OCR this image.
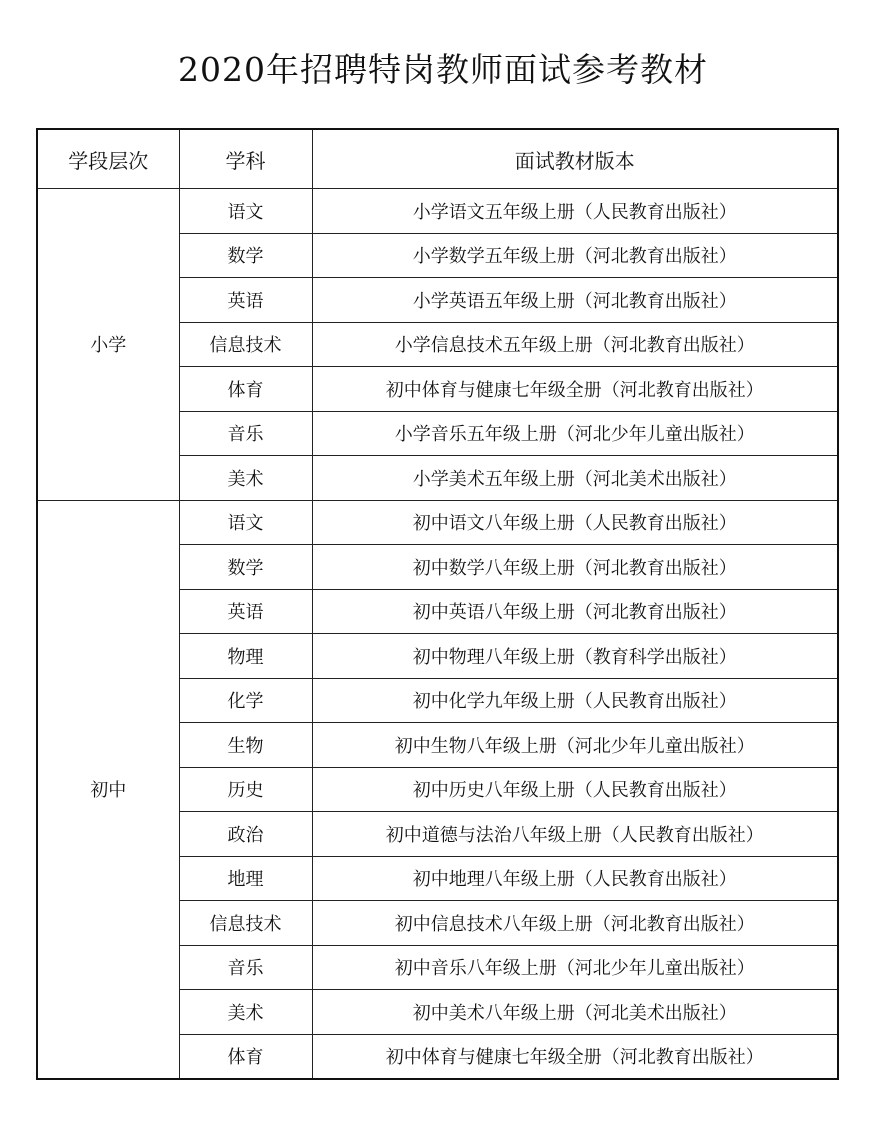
2020年招聘特岗教师面试参考教材
学段层次	学科	面试教材版本
小学	语文	小学语文五年级上册（人民教育出版社）
	数学	小学数学五年级上册（河北教育出版社）
	英语	小学英语五年级上册（河北教育出版社）
	信息技术	小学信息技术五年级上册（河北教育出版社）
	体育	初中体育与健康七年级全册（河北教育出版社）
	音乐	小学音乐五年级上册（河北少年儿童出版社）
	美术	小学美术五年级上册（河北美术出版社）
初中	语文	初中语文八年级上册（人民教育出版社）
	数学	初中数学八年级上册（河北教育出版社）
	英语	初中英语八年级上册（河北教育出版社）
	物理	初中物理八年级上册（教育科学出版社）
	化学	初中化学九年级上册（人民教育出版社）
	生物	初中生物八年级上册（河北少年儿童出版社）
	历史	初中历史八年级上册（人民教育出版社）
	政治	初中道德与法治八年级上册（人民教育出版社）
	地理	初中地理八年级上册（人民教育出版社）
	信息技术	初中信息技术八年级上册（河北教育出版社）
	音乐	初中音乐八年级上册（河北少年儿童出版社）
	美术	初中美术八年级上册（河北美术出版社）
	体育	初中体育与健康七年级全册（河北教育出版社）
